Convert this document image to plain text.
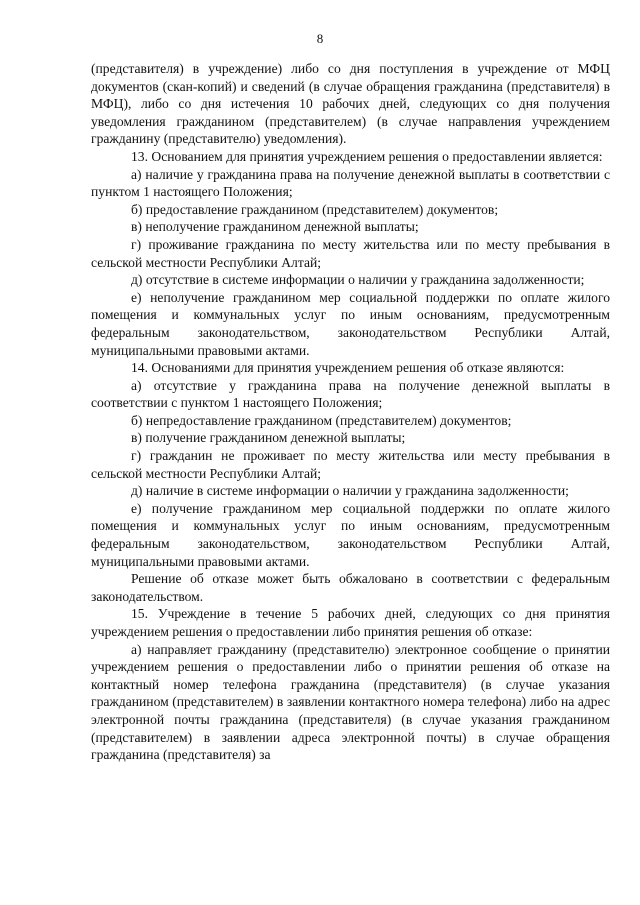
8

(представителя) в учреждение) либо со дня поступления в учреждение от МФЦ документов (скан-копий) и сведений (в случае обращения гражданина (представителя) в МФЦ), либо со дня истечения 10 рабочих дней, следующих со дня получения уведомления гражданином (представителем) (в случае направления учреждением гражданину (представителю) уведомления).

13. Основанием для принятия учреждением решения о предоставлении является:

а) наличие у гражданина права на получение денежной выплаты в соответствии с пунктом 1 настоящего Положения;

б) предоставление гражданином (представителем) документов;

в) неполучение гражданином денежной выплаты;

г) проживание гражданина по месту жительства или по месту пребывания в сельской местности Республики Алтай;

д) отсутствие в системе информации о наличии у гражданина задолженности;

е) неполучение гражданином мер социальной поддержки по оплате жилого помещения и коммунальных услуг по иным основаниям, предусмотренным федеральным законодательством, законодательством Республики Алтай, муниципальными правовыми актами.

14. Основаниями для принятия учреждением решения об отказе являются:

а) отсутствие у гражданина права на получение денежной выплаты в соответствии с пунктом 1 настоящего Положения;

б) непредоставление гражданином (представителем) документов;

в) получение гражданином денежной выплаты;

г) гражданин не проживает по месту жительства или месту пребывания в сельской местности Республики Алтай;

д) наличие в системе информации о наличии у гражданина задолженности;

е) получение гражданином мер социальной поддержки по оплате жилого помещения и коммунальных услуг по иным основаниям, предусмотренным федеральным законодательством, законодательством Республики Алтай, муниципальными правовыми актами.

Решение об отказе может быть обжаловано в соответствии с федеральным законодательством.

15. Учреждение в течение 5 рабочих дней, следующих со дня принятия учреждением решения о предоставлении либо принятия решения об отказе:

а) направляет гражданину (представителю) электронное сообщение о принятии учреждением решения о предоставлении либо о принятии решения об отказе на контактный номер телефона гражданина (представителя) (в случае указания гражданином (представителем) в заявлении контактного номера телефона) либо на адрес электронной почты гражданина (представителя) (в случае указания гражданином (представителем) в заявлении адреса электронной почты) в случае обращения гражданина (представителя) за
